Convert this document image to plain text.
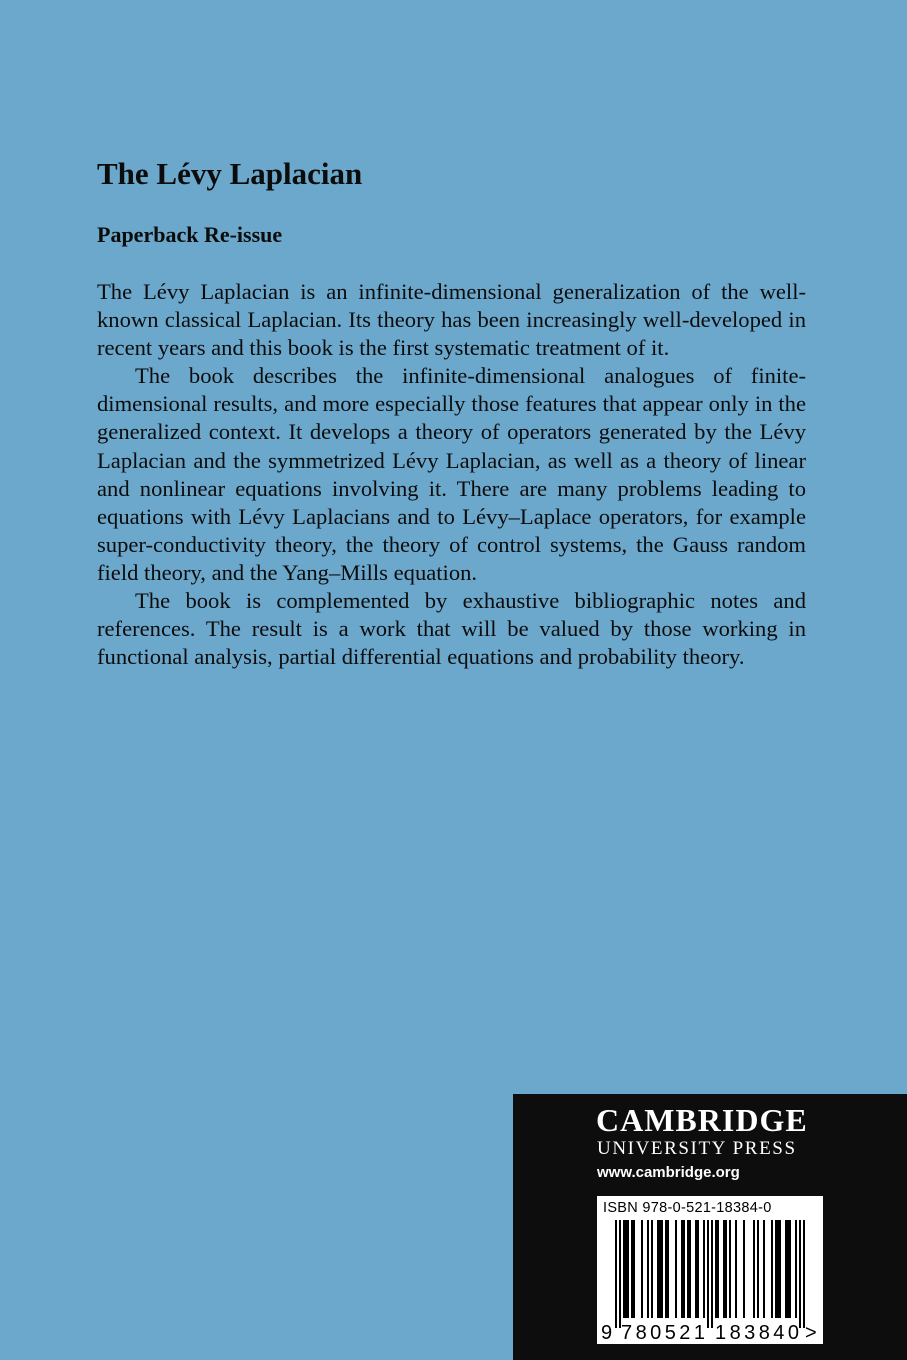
The Lévy Laplacian
Paperback Re-issue

The Lévy Laplacian is an infinite-dimensional generalization of the well-known classical Laplacian. Its theory has been increasingly well-developed in recent years and this book is the first systematic treatment of it.

The book describes the infinite-dimensional analogues of finite-dimensional results, and more especially those features that appear only in the generalized context. It develops a theory of operators generated by the Lévy Laplacian and the symmetrized Lévy Laplacian, as well as a theory of linear and nonlinear equations involving it. There are many problems leading to equations with Lévy Laplacians and to Lévy–Laplace operators, for example super-conductivity theory, the theory of control systems, the Gauss random field theory, and the Yang–Mills equation.

The book is complemented by exhaustive bibliographic notes and references. The result is a work that will be valued by those working in functional analysis, partial differential equations and probability theory.

CAMBRIDGE
UNIVERSITY PRESS
www.cambridge.org
ISBN 978-0-521-18384-0
9 780521 183840 >
